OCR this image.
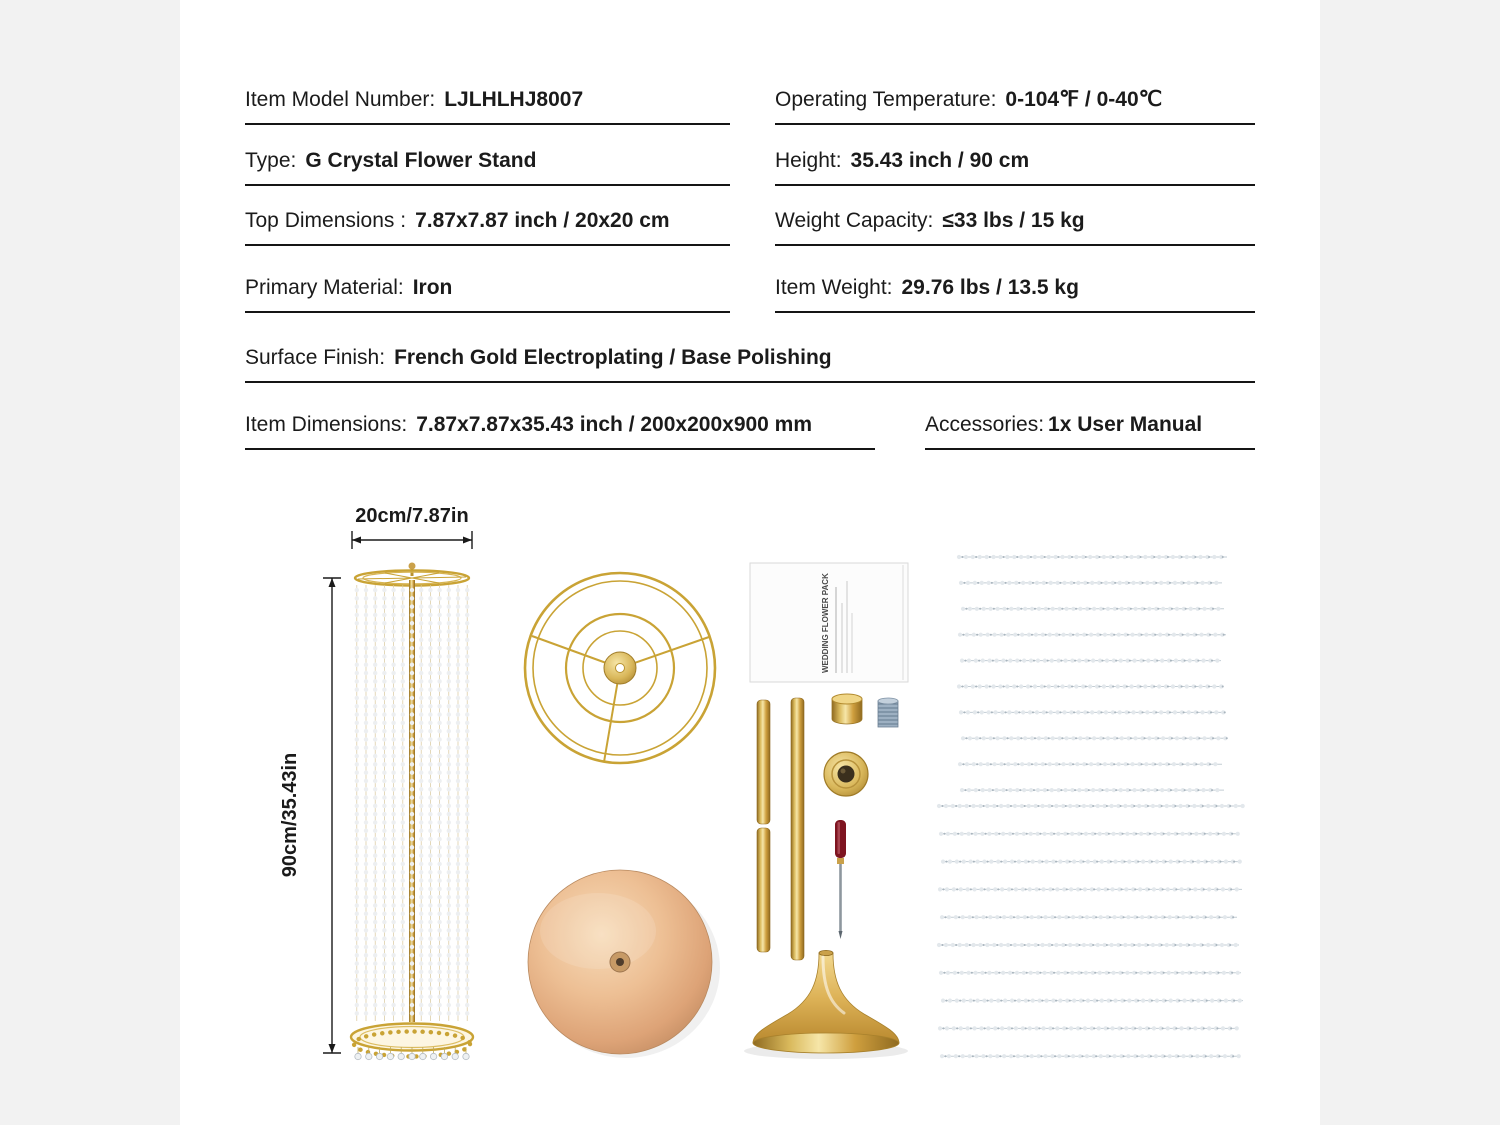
Item Model Number: LJLHLHJ8007
Type: G Crystal Flower Stand
Top Dimensions : 7.87x7.87 inch / 20x20 cm
Primary Material: Iron
Operating Temperature: 0-104℉ / 0-40℃
Height: 35.43 inch / 90 cm
Weight Capacity: ≤33 lbs / 15 kg
Item Weight: 29.76 lbs / 13.5 kg
Surface Finish: French Gold Electroplating / Base Polishing
Item Dimensions: 7.87x7.87x35.43 inch / 200x200x900 mm	Accessories: 1x User Manual
20cm/7.87in
90cm/35.43in
WEDDING FLOWER PACK
